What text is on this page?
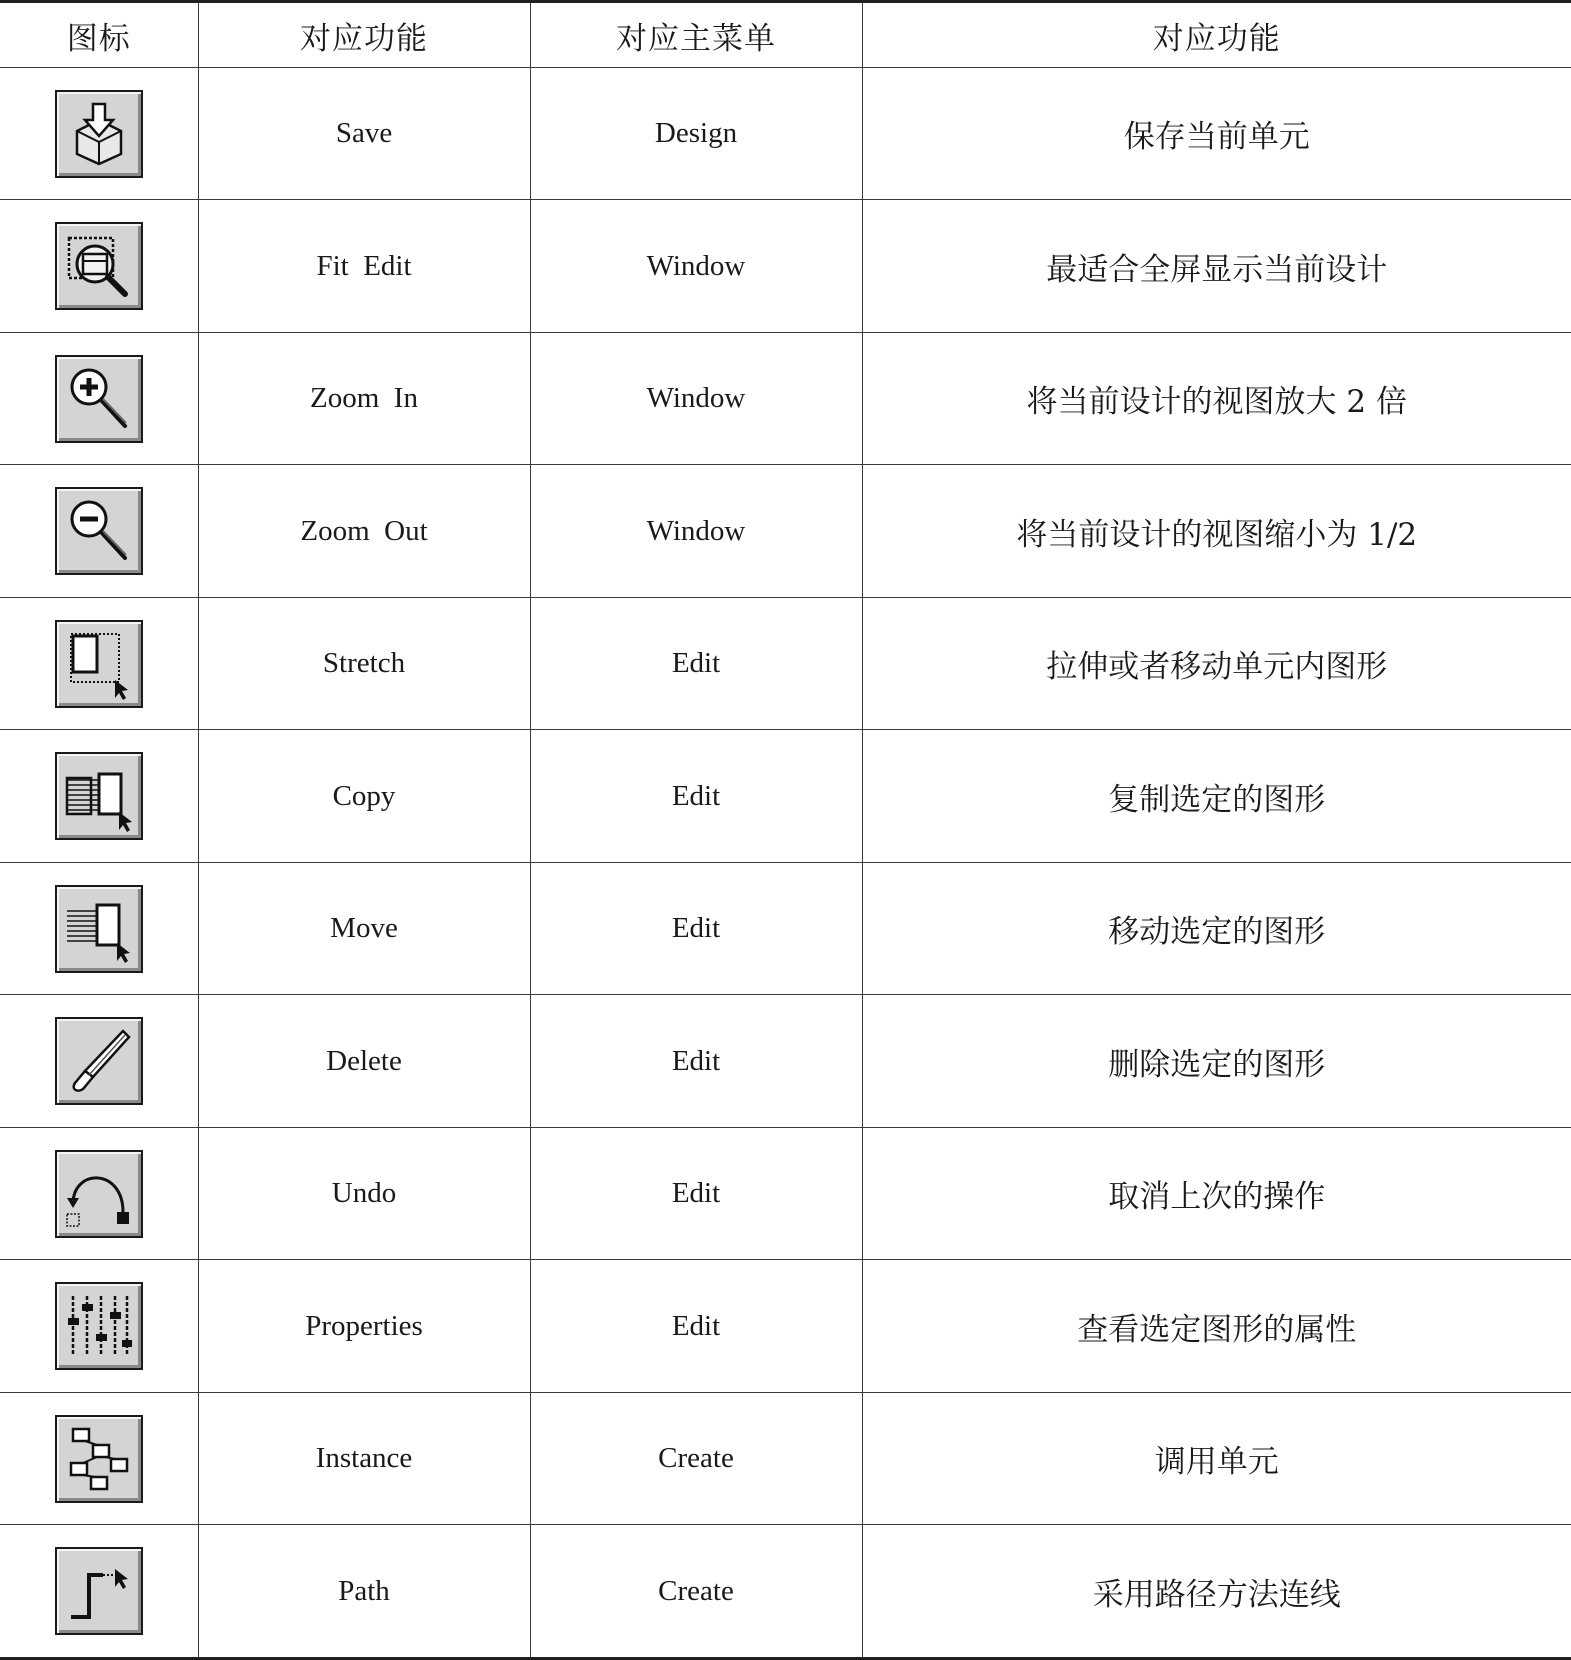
图标	对应功能	对应主菜单	对应功能

	Save	Design	保存当前单元

	Fit  Edit	Window	最适合全屏显示当前设计

	Zoom  In	Window	将当前设计的视图放大 2 倍

	Zoom  Out	Window	将当前设计的视图缩小为 1/2

	Stretch	Edit	拉伸或者移动单元内图形

	Copy	Edit	复制选定的图形

	Move	Edit	移动选定的图形

	Delete	Edit	删除选定的图形

	Undo	Edit	取消上次的操作

	Properties	Edit	查看选定图形的属性

	Instance	Create	调用单元

	Path	Create	采用路径方法连线
